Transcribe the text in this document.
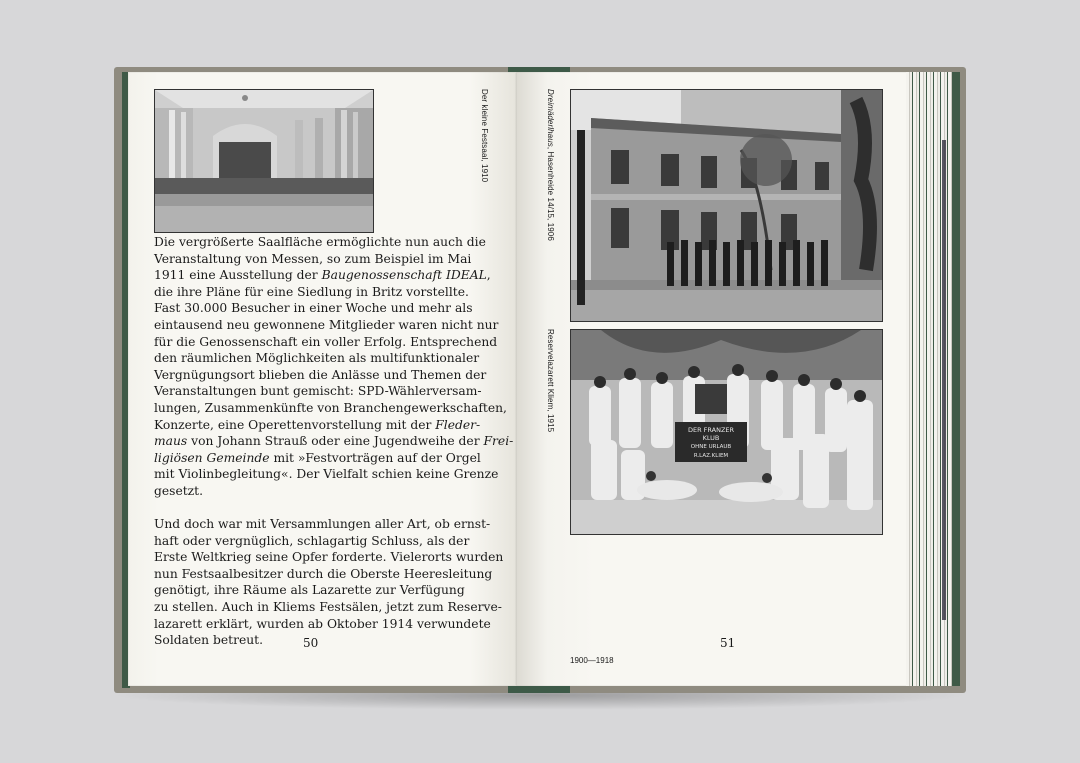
Der kleine Festsaal, 1910

Die vergrößerte Saalfläche ermöglichte nun auch die
Veranstaltung von Messen, so zum Beispiel im Mai
1911 eine Ausstellung der Baugenossenschaft IDEAL,
die ihre Pläne für eine Siedlung in Britz vorstellte.
Fast 30.000 Besucher in einer Woche und mehr als
eintausend neu gewonnene Mitglieder waren nicht nur
für die Genossenschaft ein voller Erfolg. Entsprechend
den räumlichen Möglichkeiten als multifunktionaler
Vergnügungsort blieben die Anlässe und Themen der
Veranstaltungen bunt gemischt: SPD-Wählerversam-
lungen, Zusammenkünfte von Branchengewerkschaften,
Konzerte, eine Operettenvorstellung mit der Fleder-
maus von Johann Strauß oder eine Jugendweihe der Frei-
ligiösen Gemeinde mit »Festvorträgen auf der Orgel
mit Violinbegleitung«. Der Vielfalt schien keine Grenze
gesetzt.

Und doch war mit Versammlungen aller Art, ob ernst-
haft oder vergnüglich, schlagartig Schluss, als der
Erste Weltkrieg seine Opfer forderte. Vielerorts wurden
nun Festsaalbesitzer durch die Oberste Heeresleitung
genötigt, ihre Räume als Lazarette zur Verfügung
zu stellen. Auch in Kliems Festsälen, jetzt zum Reserve-
lazarett erklärt, wurden ab Oktober 1914 verwundete
Soldaten betreut.	50
Dreimäderlhaus, Hasenheide 14/15, 1906
Reservelazarett Kliem, 1915	DER FRANZER
KLUB
OHNE URLAUB
R.LAZ.KLIEM
51
1900—1918
